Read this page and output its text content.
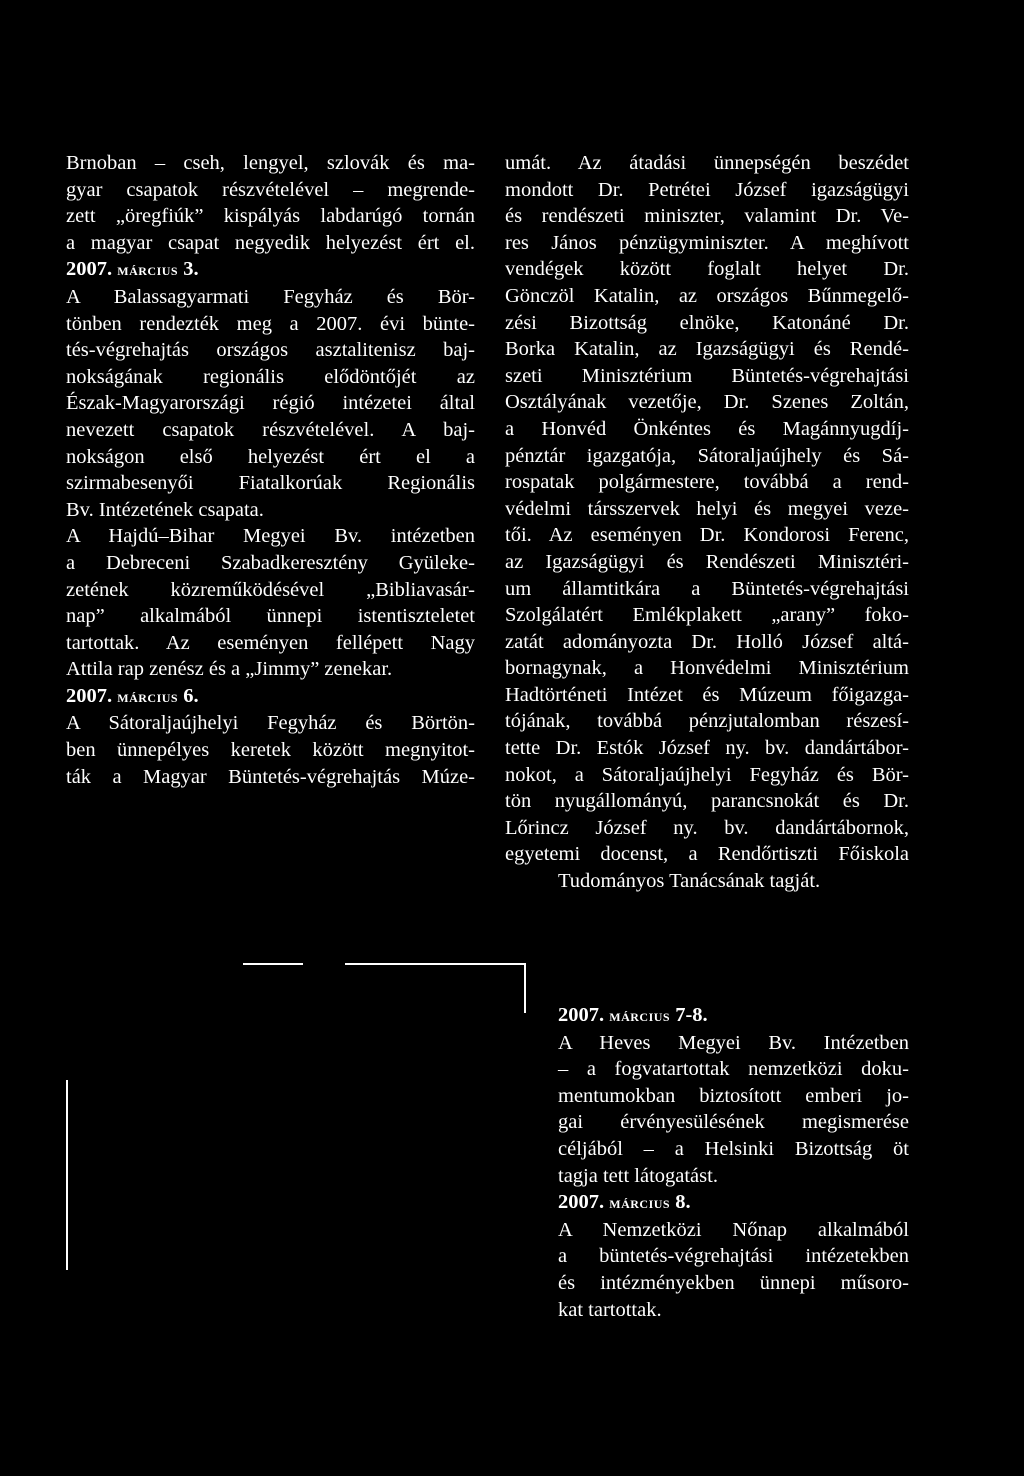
Brnoban – cseh, lengyel, szlovák és ma-
gyar csapatok részvételével – megrende-
zett „öregfiúk” kispályás labdarúgó tornán
a magyar csapat negyedik helyezést ért el.

2007. március 3.
A Balassagyarmati Fegyház és Bör-
tönben rendezték meg a 2007. évi bünte-
tés-végrehajtás országos asztalitenisz baj-
nokságának regionális elődöntőjét az
Észak-Magyarországi régió intézetei által
nevezett csapatok részvételével. A baj-
nokságon első helyezést ért el a
szirmabesenyői Fiatalkorúak Regionális
Bv. Intézetének csapata.

A Hajdú–Bihar Megyei Bv. intézetben
a Debreceni Szabadkeresztény Gyüleke-
zetének közreműködésével „Bibliavasár-
nap” alkalmából ünnepi istentiszteletet
tartottak. Az eseményen fellépett Nagy
Attila rap zenész és a „Jimmy” zenekar.

2007. március 6.
A Sátoraljaújhelyi Fegyház és Börtön-
ben ünnepélyes keretek között megnyitot-
ták a Magyar Büntetés-végrehajtás Múze-

umát. Az átadási ünnepségén beszédet
mondott Dr. Petrétei József igazságügyi
és rendészeti miniszter, valamint Dr. Ve-
res János pénzügyminiszter. A meghívott
vendégek között foglalt helyet Dr.
Gönczöl Katalin, az országos Bűnmegelő-
zési Bizottság elnöke, Katonáné Dr.
Borka Katalin, az Igazságügyi és Rendé-
szeti Minisztérium Büntetés-végrehajtási
Osztályának vezetője, Dr. Szenes Zoltán,
a Honvéd Önkéntes és Magánnyugdíj-
pénztár igazgatója, Sátoraljaújhely és Sá-
rospatak polgármestere, továbbá a rend-
védelmi társszervek helyi és megyei veze-
tői. Az eseményen Dr. Kondorosi Ferenc,
az Igazságügyi és Rendészeti Minisztéri-
um államtitkára a Büntetés-végrehajtási
Szolgálatért Emlékplakett „arany” foko-
zatát adományozta Dr. Holló József altá-
bornagynak, a Honvédelmi Minisztérium
Hadtörténeti Intézet és Múzeum főigazga-
tójának, továbbá pénzjutalomban részesí-
tette Dr. Estók József ny. bv. dandártábor-
nokot, a Sátoraljaújhelyi Fegyház és Bör-
tön nyugállományú, parancsnokát és Dr.
Lőrincz József ny. bv. dandártábornok,
egyetemi docenst, a Rendőrtiszti Főiskola
Tudományos Tanácsának tagját.

2007. március 7-8.
A Heves Megyei Bv. Intézetben
– a fogvatartottak nemzetközi doku-
mentumokban biztosított emberi jo-
gai érvényesülésének megismerése
céljából – a Helsinki Bizottság öt
tagja tett látogatást.

2007. március 8.
A Nemzetközi Nőnap alkalmából
a büntetés-végrehajtási intézetekben
és intézményekben ünnepi műsoro-
kat tartottak.
